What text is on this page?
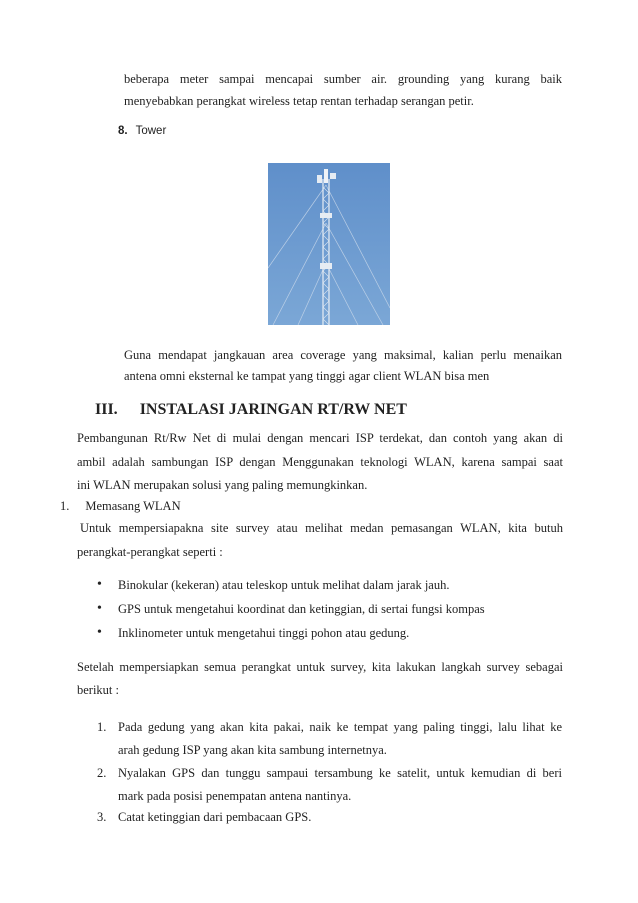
beberapa meter sampai mencapai sumber air. grounding yang kurang baik
menyebabkan perangkat wireless tetap rentan terhadap serangan petir.
8. Tower
Guna mendapat jangkauan area coverage yang maksimal, kalian perlu menaikan
antena omni eksternal ke tampat yang tinggi agar client WLAN bisa men
III. INSTALASI JARINGAN RT/RW NET
Pembangunan Rt/Rw Net di mulai dengan mencari ISP terdekat, dan contoh yang akan di
ambil adalah sambungan ISP dengan Menggunakan teknologi WLAN, karena sampai saat
ini WLAN merupakan solusi yang paling memungkinkan.
1. Memasang WLAN
Untuk mempersiapakna site survey atau melihat medan pemasangan WLAN, kita butuh
perangkat-perangkat seperti :
• Binokular (kekeran) atau teleskop untuk melihat dalam jarak jauh.
• GPS untuk mengetahui koordinat dan ketinggian, di sertai fungsi kompas
• Inklinometer untuk mengetahui tinggi pohon atau gedung.
Setelah mempersiapkan semua perangkat untuk survey, kita lakukan langkah survey sebagai
berikut :
1. Pada gedung yang akan kita pakai, naik ke tempat yang paling tinggi, lalu lihat ke
arah gedung ISP yang akan kita sambung internetnya.
2. Nyalakan GPS dan tunggu sampaui tersambung ke satelit, untuk kemudian di beri
mark pada posisi penempatan antena nantinya.
3. Catat ketinggian dari pembacaan GPS.
